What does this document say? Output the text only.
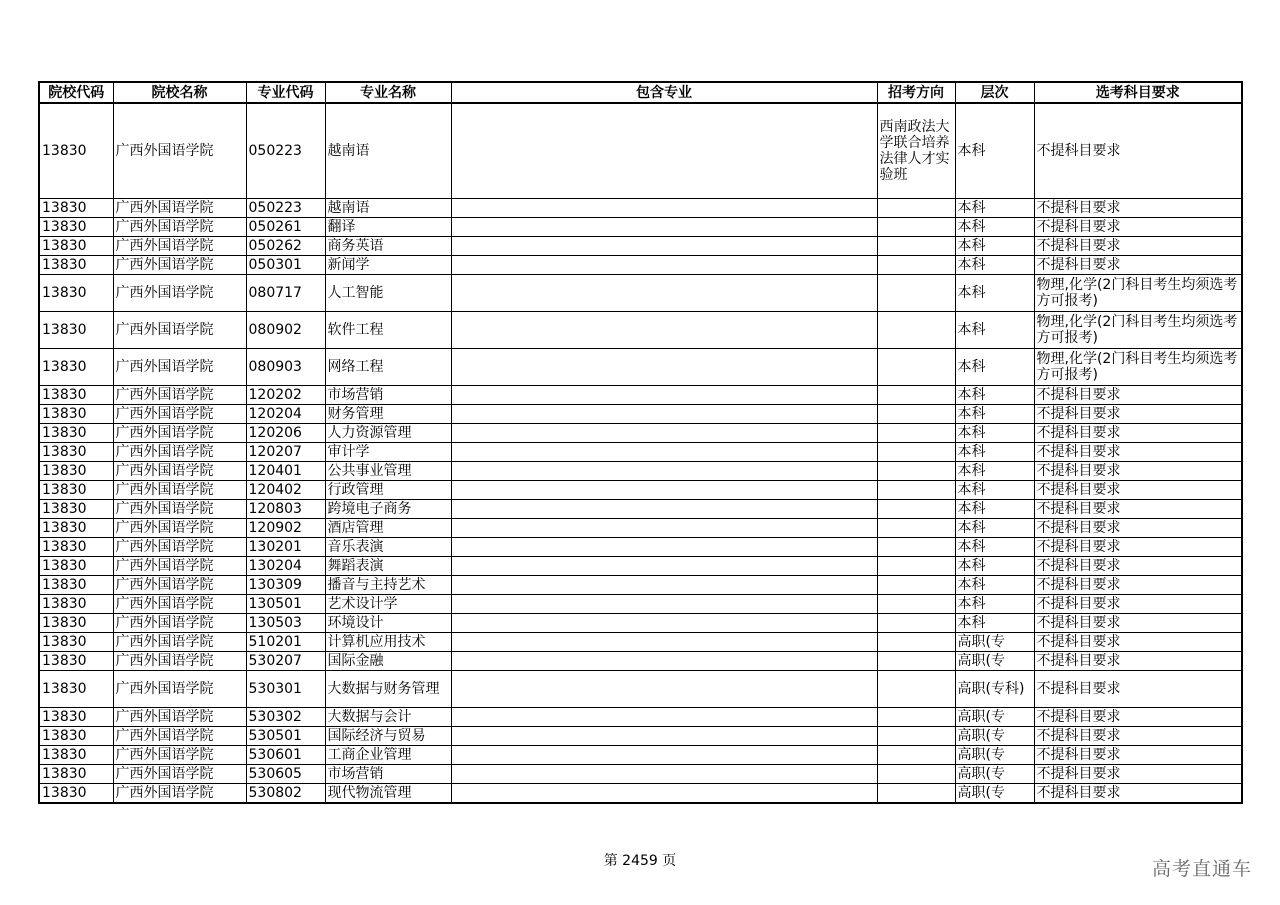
院校代码	院校名称	专业代码	专业名称	包含专业	招考方向	层次	选考科目要求
13830	广西外国语学院	050223	越南语		西南政法大学联合培养法律人才实验班	本科	不提科目要求
13830	广西外国语学院	050223	越南语			本科	不提科目要求
13830	广西外国语学院	050261	翻译			本科	不提科目要求
13830	广西外国语学院	050262	商务英语			本科	不提科目要求
13830	广西外国语学院	050301	新闻学			本科	不提科目要求
13830	广西外国语学院	080717	人工智能			本科	物理,化学(2门科目考生均须选考方可报考)
13830	广西外国语学院	080902	软件工程			本科	物理,化学(2门科目考生均须选考方可报考)
13830	广西外国语学院	080903	网络工程			本科	物理,化学(2门科目考生均须选考方可报考)
13830	广西外国语学院	120202	市场营销			本科	不提科目要求
13830	广西外国语学院	120204	财务管理			本科	不提科目要求
13830	广西外国语学院	120206	人力资源管理			本科	不提科目要求
13830	广西外国语学院	120207	审计学			本科	不提科目要求
13830	广西外国语学院	120401	公共事业管理			本科	不提科目要求
13830	广西外国语学院	120402	行政管理			本科	不提科目要求
13830	广西外国语学院	120803	跨境电子商务			本科	不提科目要求
13830	广西外国语学院	120902	酒店管理			本科	不提科目要求
13830	广西外国语学院	130201	音乐表演			本科	不提科目要求
13830	广西外国语学院	130204	舞蹈表演			本科	不提科目要求
13830	广西外国语学院	130309	播音与主持艺术			本科	不提科目要求
13830	广西外国语学院	130501	艺术设计学			本科	不提科目要求
13830	广西外国语学院	130503	环境设计			本科	不提科目要求
13830	广西外国语学院	510201	计算机应用技术			高职(专	不提科目要求
13830	广西外国语学院	530207	国际金融			高职(专	不提科目要求
13830	广西外国语学院	530301	大数据与财务管理			高职(专科)	不提科目要求
13830	广西外国语学院	530302	大数据与会计			高职(专	不提科目要求
13830	广西外国语学院	530501	国际经济与贸易			高职(专	不提科目要求
13830	广西外国语学院	530601	工商企业管理			高职(专	不提科目要求
13830	广西外国语学院	530605	市场营销			高职(专	不提科目要求
13830	广西外国语学院	530802	现代物流管理			高职(专	不提科目要求
第 2459 页	高考直通车
